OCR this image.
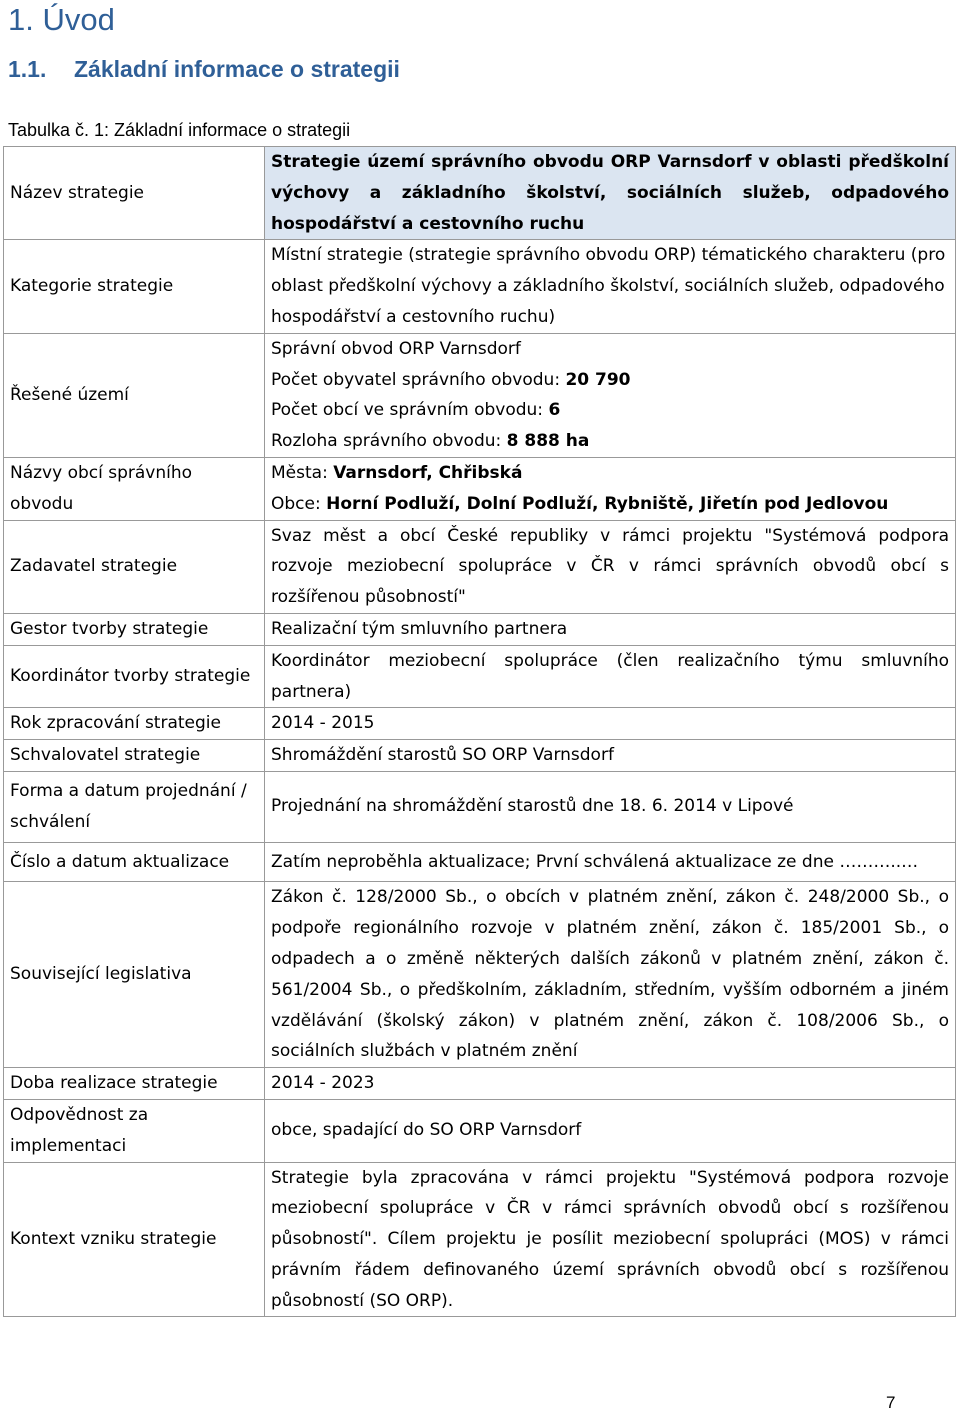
1. Úvod
1.1. Základní informace o strategii
Tabulka č. 1: Základní informace o strategii
Název strategie	Strategie území správního obvodu ORP Varnsdorf v oblasti předškolní výchovy a základního školství, sociálních služeb, odpadového hospodářství a cestovního ruchu
Kategorie strategie	Místní strategie (strategie správního obvodu ORP) tématického charakteru (pro oblast předškolní výchovy a základního školství, sociálních služeb, odpadového hospodářství a cestovního ruchu)
Řešené území	Správní obvod ORP Varnsdorf
Počet obyvatel správního obvodu: 20 790
Počet obcí ve správním obvodu: 6
Rozloha správního obvodu: 8 888 ha

Názvy obcí správního obvodu	Města: Varnsdorf, Chřibská
Obce: Horní Podluží, Dolní Podluží, Rybniště, Jiřetín pod Jedlovou

Zadavatel strategie	Svaz měst a obcí České republiky v rámci projektu "Systémová podpora rozvoje meziobecní spolupráce v ČR v rámci správních obvodů obcí s rozšířenou působností"
Gestor tvorby strategie	Realizační tým smluvního partnera
Koordinátor tvorby strategie	Koordinátor meziobecní spolupráce (člen realizačního týmu smluvního partnera)
Rok zpracování strategie	2014 - 2015
Schvalovatel strategie	Shromáždění starostů SO ORP Varnsdorf
Forma a datum projednání / schválení	Projednání na shromáždění starostů dne 18. 6. 2014 v Lipové
Číslo a datum aktualizace	Zatím neproběhla aktualizace; První schválená aktualizace ze dne ………..…
Související legislativa	Zákon č. 128/2000 Sb., o obcích v platném znění, zákon č. 248/2000 Sb., o podpoře regionálního rozvoje v platném znění, zákon č. 185/2001 Sb., o odpadech a o změně některých dalších zákonů v platném znění, zákon č. 561/2004 Sb., o předškolním, základním, středním, vyšším odborném a jiném vzdělávání (školský zákon) v platném znění, zákon č. 108/2006 Sb., o sociálních službách v platném znění
Doba realizace strategie	2014 - 2023
Odpovědnost za implementaci	obce, spadající do SO ORP Varnsdorf
Kontext vzniku strategie	Strategie byla zpracována v rámci projektu "Systémová podpora rozvoje meziobecní spolupráce v ČR v rámci správních obvodů obcí s rozšířenou působností". Cílem projektu je posílit meziobecní spolupráci (MOS) v rámci právním řádem definovaného území správních obvodů obcí s rozšířenou působností (SO ORP).
7
